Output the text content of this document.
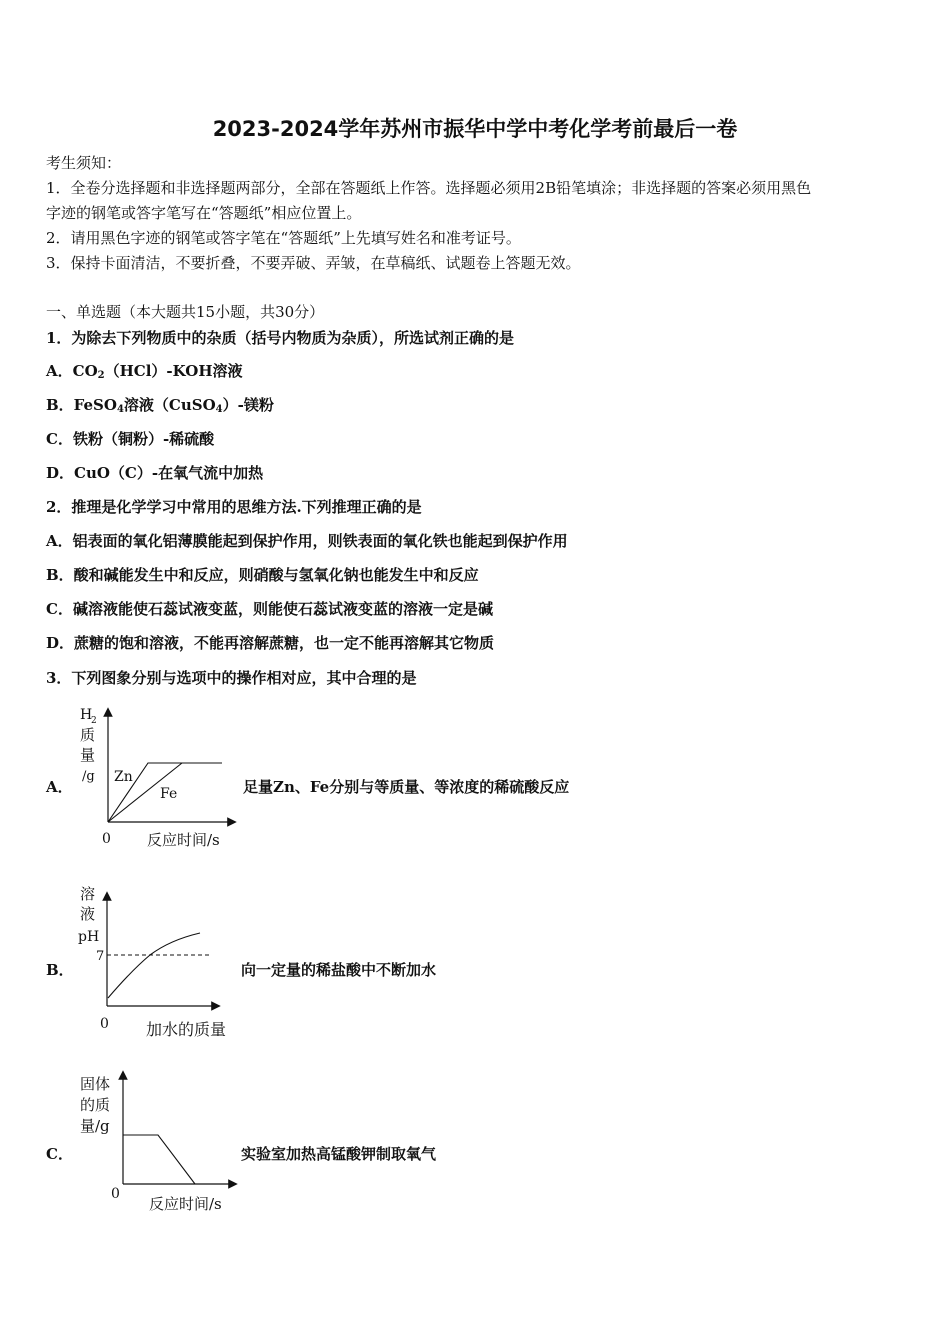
2023-2024学年苏州市振华中学中考化学考前最后一卷
考生须知：
1．全卷分选择题和非选择题两部分，全部在答题纸上作答。选择题必须用2B铅笔填涂；非选择题的答案必须用黑色
字迹的钢笔或答字笔写在“答题纸”相应位置上。
2．请用黑色字迹的钢笔或答字笔在“答题纸”上先填写姓名和准考证号。
3．保持卡面清洁，不要折叠，不要弄破、弄皱，在草稿纸、试题卷上答题无效。
一、单选题（本大题共15小题，共30分）
1．为除去下列物质中的杂质（括号内物质为杂质），所选试剂正确的是
A．$CO_2(HCl)$-KOH溶液
B．FeSO$_4$溶液（CuSO$_4$）-镁粉
C．铁粉（铜粉）-稀硫酸
D．CuO（C）-在氧气流中加热
2．推理是化学学习中常用的思维方法.下列推理正确的是
A．铝表面的氧化铝薄膜能起到保护作用，则铁表面的氧化铁也能起到保护作用
B．酸和碱能发生中和反应，则硝酸与氢氧化钠也能发生中和反应
C．碱溶液能使石蕊试液变蓝，则能使石蕊试液变蓝的溶液一定是碱
D．蔗糖的饱和溶液，不能再溶解蔗糖，也一定不能再溶解其它物质
3．下列图象分别与选项中的操作相对应，其中合理的是
A．
H
2
质
量
/g
0 反应时间/s
Zn
Fe	足量Zn、Fe分别与等质量、等浓度的稀硫酸反应
B．
溶
液
pH
7
0 加水的质量
向一定量的稀盐酸中不断加水
C．
固体
的质
量/g
0
反应时间/s
实验室加热高锰酸钾制取氧气
